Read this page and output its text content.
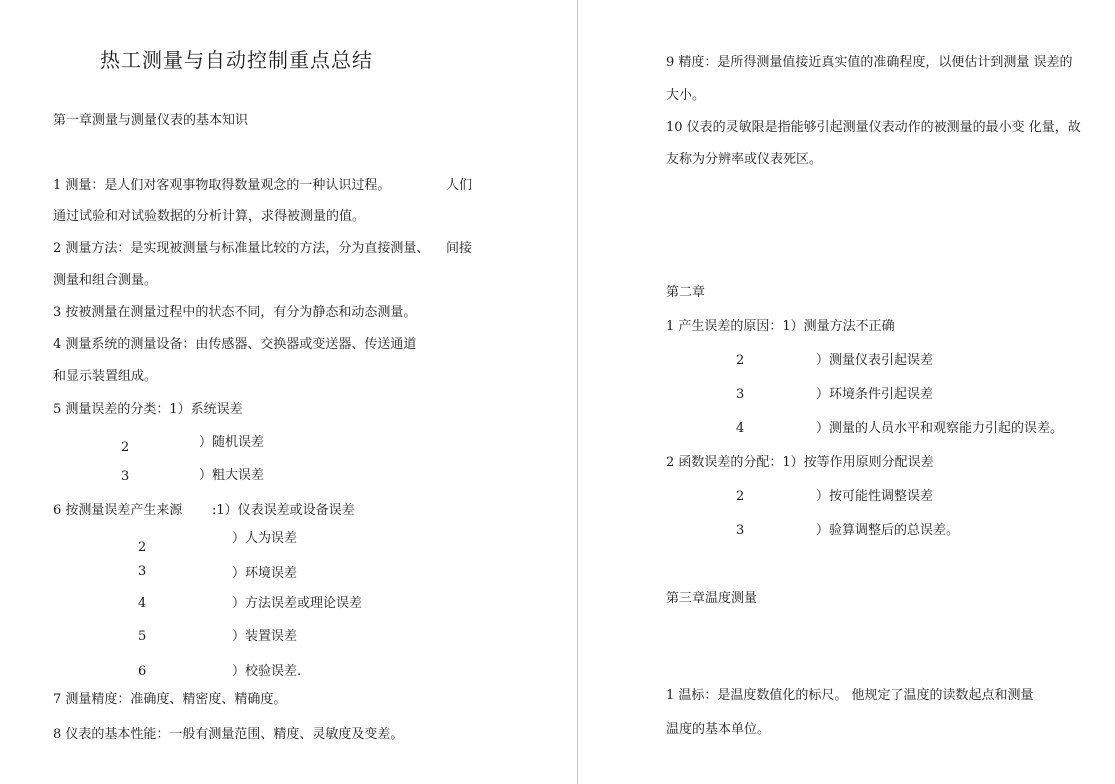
热工测量与自动控制重点总结
第一章测量与测量仪表的基本知识
1 测量：是人们对客观事物取得数量观念的一种认识过程。	人们
通过试验和对试验数据的分析计算，求得被测量的值。
2 测量方法：是实现被测量与标准量比较的方法，分为直接测量、 间接
测量和组合测量。
3 按被测量在测量过程中的状态不同，有分为静态和动态测量。
4 测量系统的测量设备：由传感器、交换器或变送器、传送通道
和显示装置组成。
5 测量误差的分类：1）系统误差
2	）随机误差
3	）粗大误差
6 按测量误差产生来源 :1）仪表误差或设备误差
2
）人为误差
3	）环境误差
4	）方法误差或理论误差
5	）装置误差
6	）校验误差.
7 测量精度：准确度、精密度、精确度。
8 仪表的基本性能：一般有测量范围、精度、灵敏度及变差。
9 精度：是所得测量值接近真实值的准确程度，以便估计到测量 误差的
大小。
10 仪表的灵敏限是指能够引起测量仪表动作的被测量的最小变 化量，故
友称为分辨率或仪表死区。
第二章
1 产生误差的原因：1）测量方法不正确
2	）测量仪表引起误差
3	）环境条件引起误差
4	）测量的人员水平和观察能力引起的误差。
2 函数误差的分配：1）按等作用原则分配误差
2	）按可能性调整误差
3	）验算调整后的总误差。
第三章温度测量
1 温标：是温度数值化的标尺。 他规定了温度的读数起点和测量
温度的基本单位。
